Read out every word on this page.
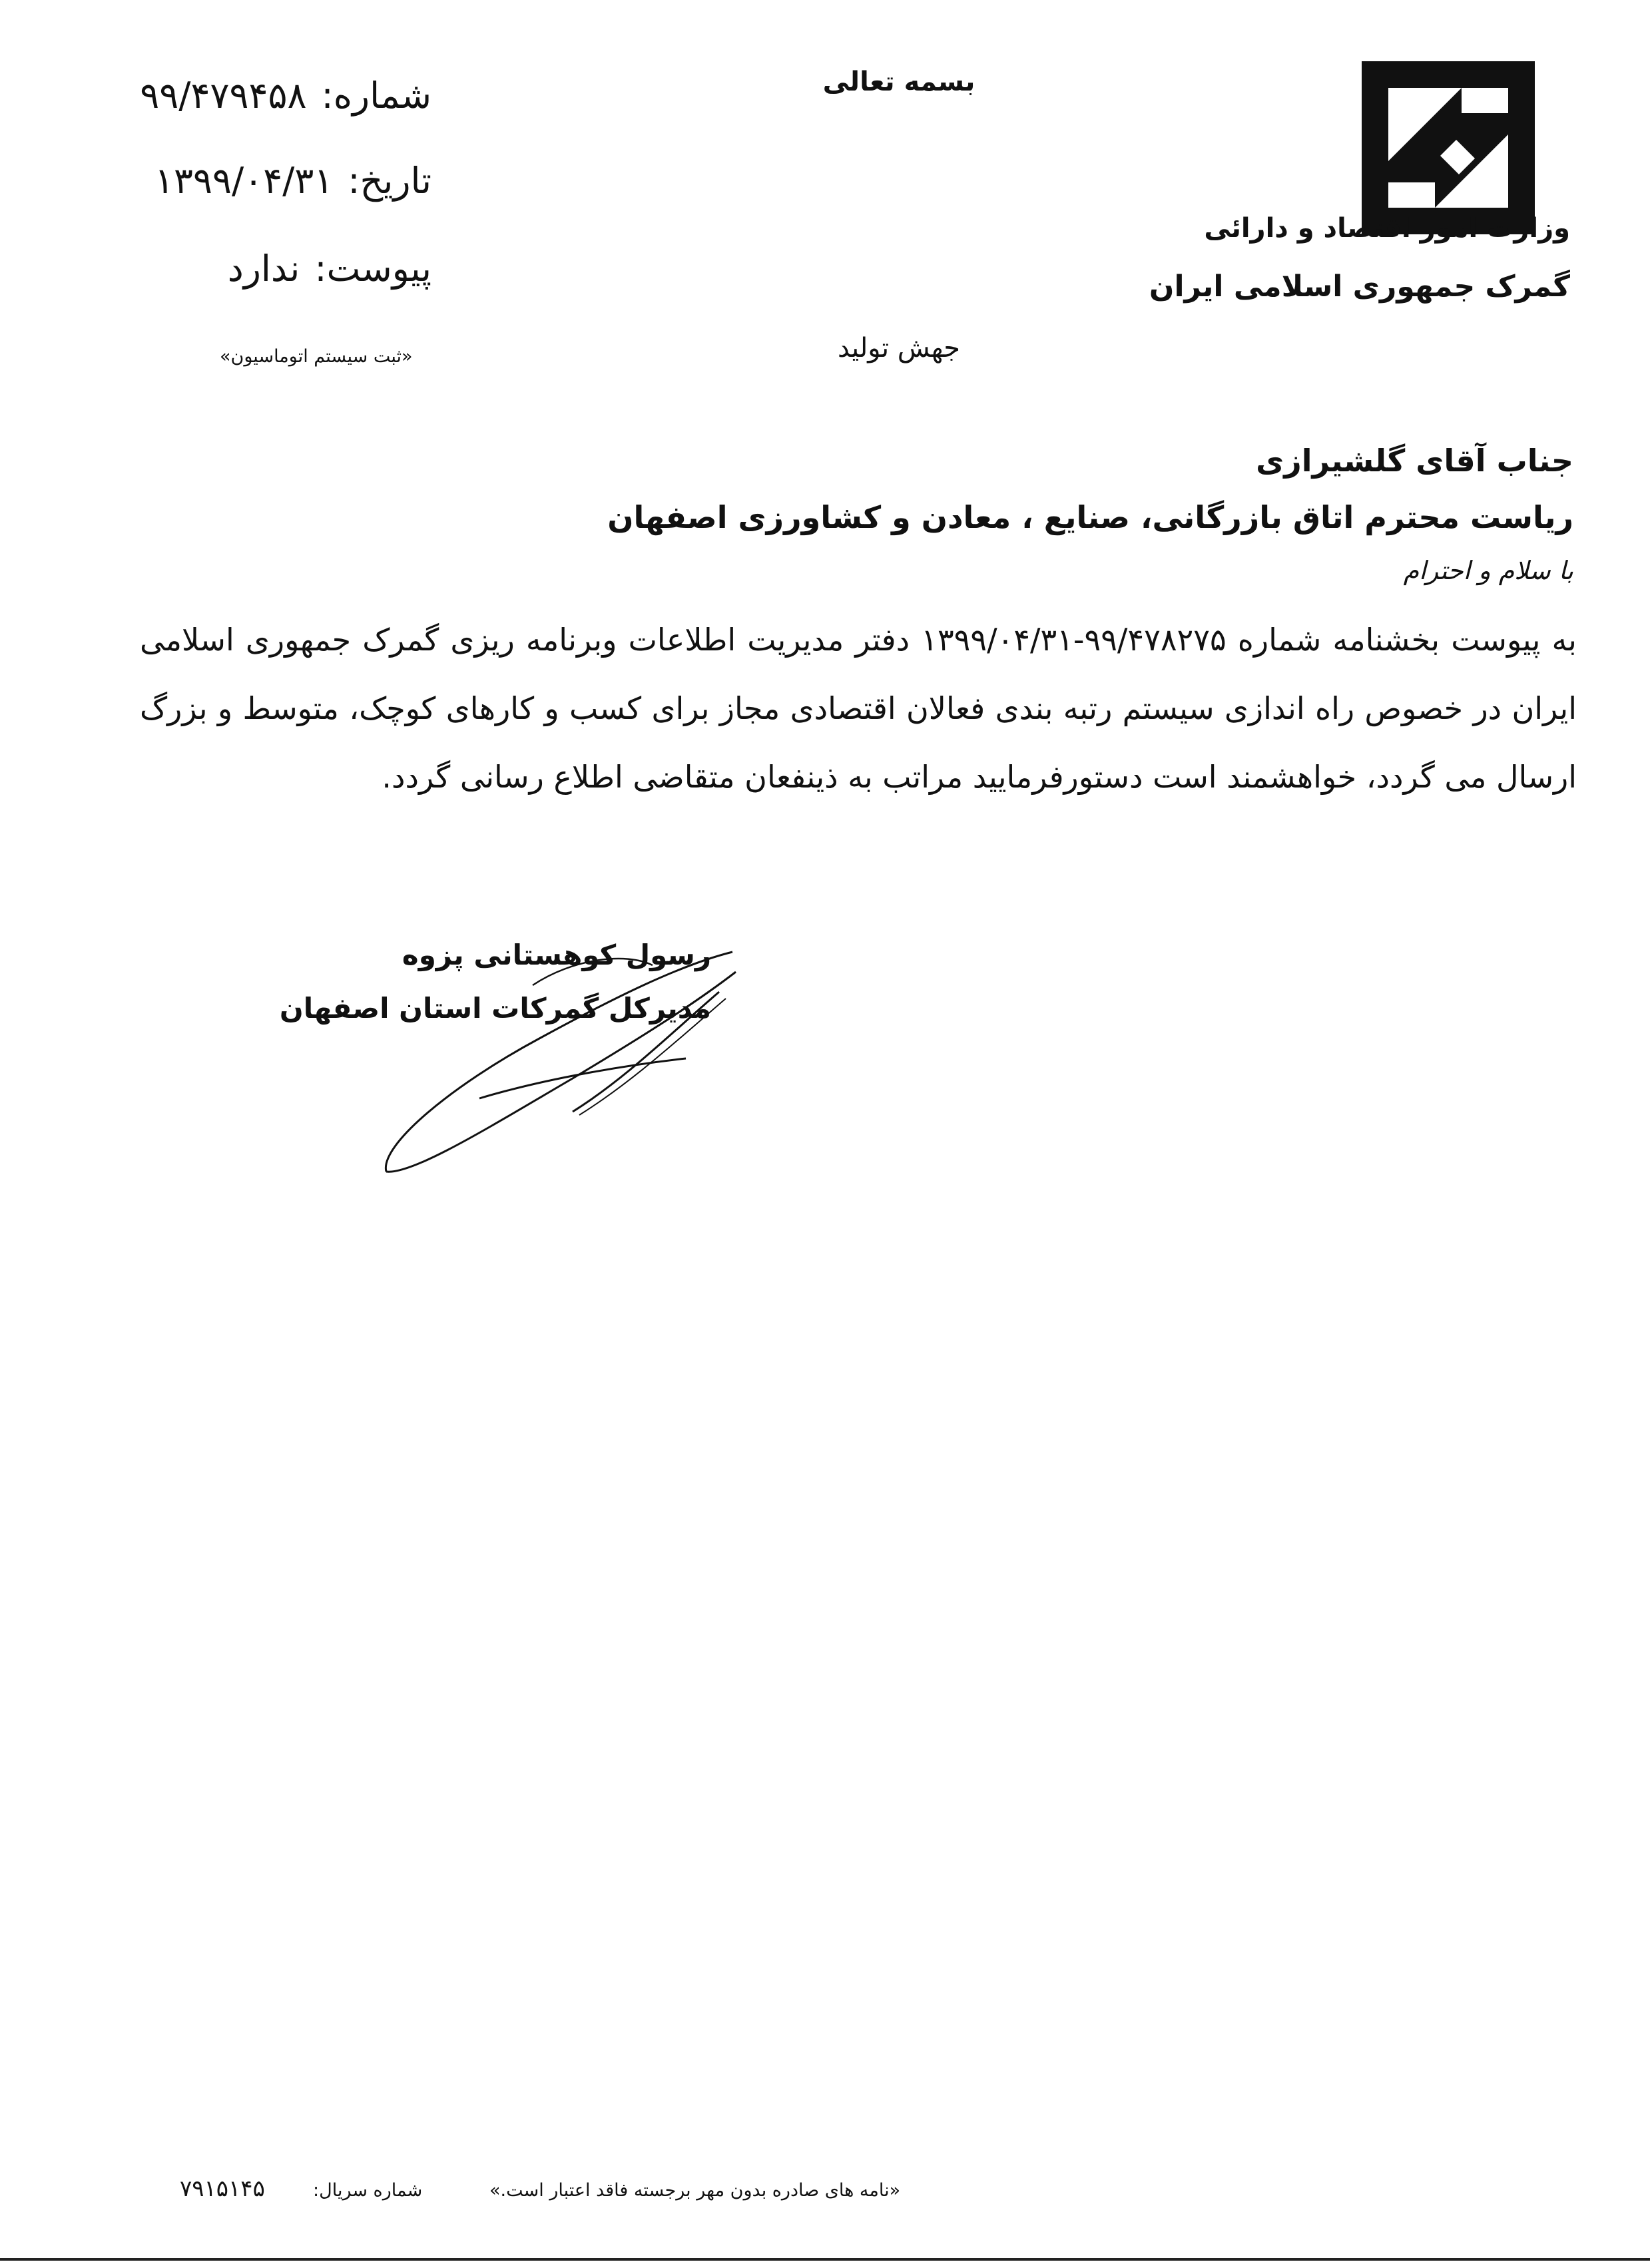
وزارت امور اقتصاد و دارائی
گمرک جمهوری اسلامی ایران
بسمه تعالی
جهش تولید
شماره:۹۹/۴۷۹۴۵۸
تاریخ:۱۳۹۹/۰۴/۳۱
پیوست:ندارد
«ثبت سیستم اتوماسیون»
جناب آقای گلشیرازی
ریاست محترم اتاق بازرگانی، صنایع ، معادن و کشاورزی اصفهان
با سلام و احترام
به پیوست بخشنامه شماره ۹۹/۴۷۸۲۷۵-۱۳۹۹/۰۴/۳۱ دفتر مدیریت اطلاعات وبرنامه ریزی گمرک جمهوری اسلامی ایران در خصوص راه اندازی سیستم رتبه بندی فعالان اقتصادی مجاز برای کسب و کارهای کوچک، متوسط و بزرگ ارسال می گردد، خواهشمند است دستورفرمایید مراتب به ذینفعان متقاضی اطلاع رسانی گردد.
رسول کوهستانی پزوه
مدیرکل گمرکات استان اصفهان
«نامه های صادره بدون مهر برجسته فاقد اعتبار است.»
شماره سریال:
۷۹۱۵۱۴۵
